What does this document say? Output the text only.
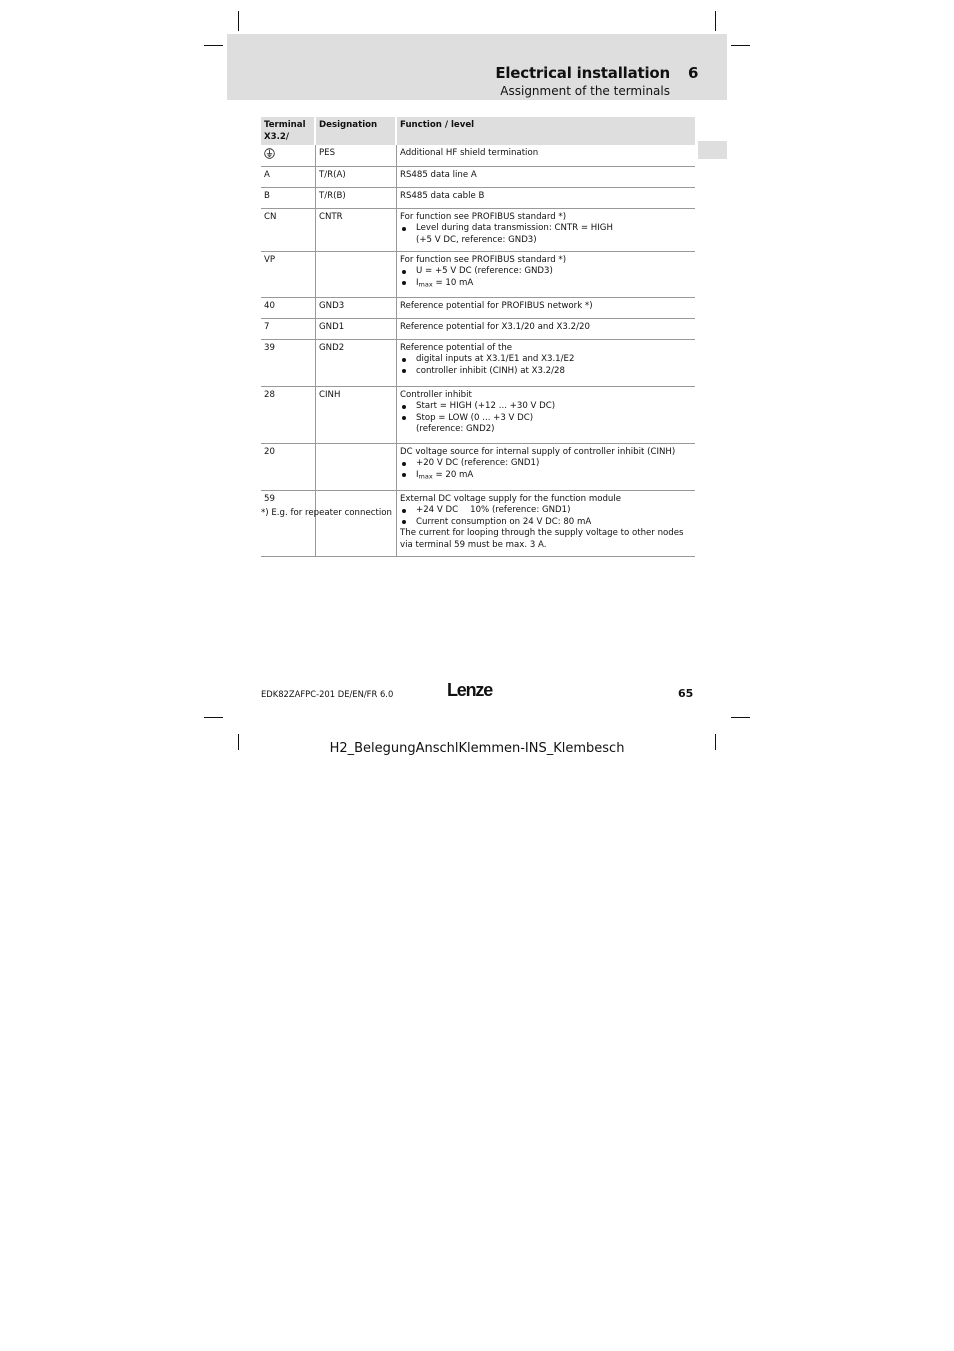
Electrical installation 6
Assignment of the terminals
Terminal X3.2/	Designation	Function / level
	PES	Additional HF shield termination

A	T/R(A)	RS485 data line A

B	T/R(B)	RS485 data cable B

CN	CNTR	For function see PROFIBUS standard *)
Level during data transmission: CNTR = HIGH
(+5 V DC, reference: GND3)

VP		For function see PROFIBUS standard *)
U = +5 V DC (reference: GND3)
$I_{max} = 10$ mA

40	GND3	Reference potential for PROFIBUS network *)

7	GND1	Reference potential for X3.1/20 and X3.2/20

39	GND2	Reference potential of the
digital inputs at X3.1/E1 and X3.1/E2
controller inhibit (CINH) at X3.2/28

28	CINH	Controller inhibit
Start = HIGH (+12 ... +30 V DC)
Stop = LOW (0 ... +3 V DC)
(reference: GND2)

20		DC voltage source for internal supply of controller inhibit (CINH)
+20 V DC (reference: GND1)
$I_{max} = 20$ mA

59		External DC voltage supply for the function module
+24 V DC 10% (reference: GND1)
Current consumption on 24 V DC: 80 mA
The current for looping through the supply voltage to other nodes
via terminal 59 must be max. 3 A.
*) E.g. for repeater connection
EDK82ZAFPC-201 DE/EN/FR 6.0	Lenze	65
H2_BelegungAnschlKlemmen-INS_Klembesch
